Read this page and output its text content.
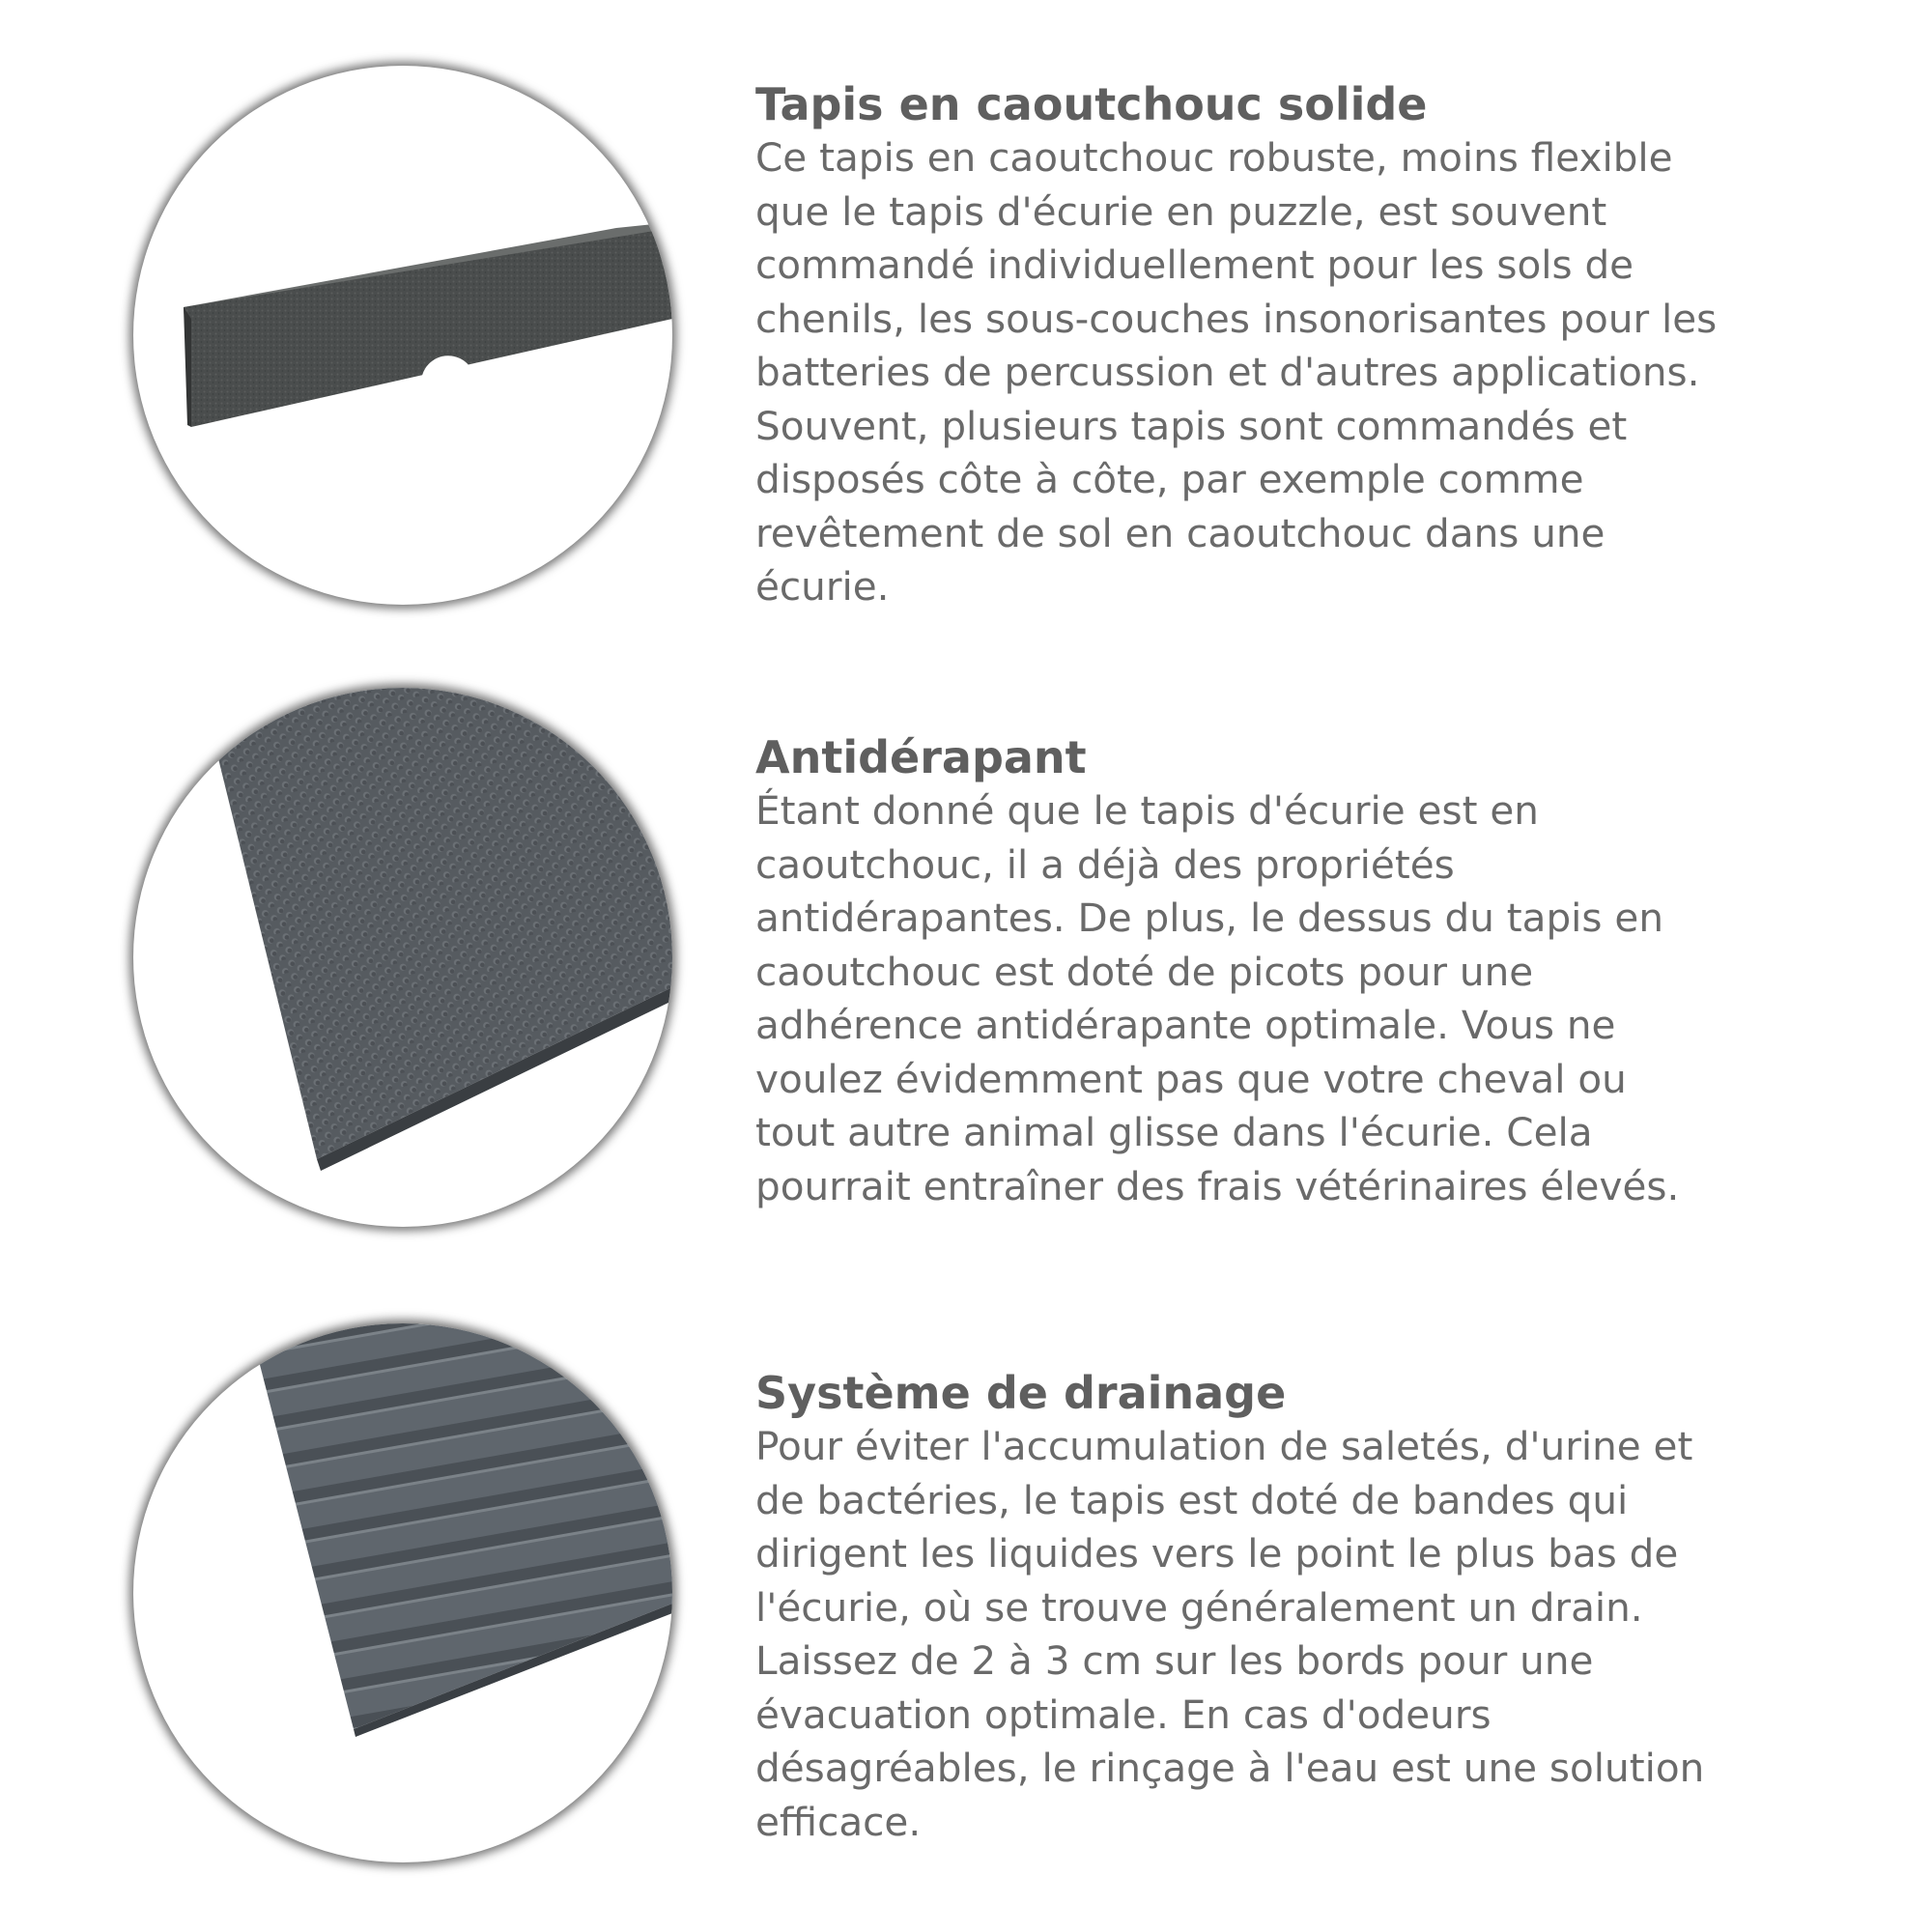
Tapis en caoutchouc solide

Ce tapis en caoutchouc robuste, moins flexible

que le tapis d'écurie en puzzle, est souvent

commandé individuellement pour les sols de

chenils, les sous-couches insonorisantes pour les

batteries de percussion et d'autres applications.

Souvent, plusieurs tapis sont commandés et

disposés côte à côte, par exemple comme

revêtement de sol en caoutchouc dans une

écurie.

Antidérapant

Étant donné que le tapis d'écurie est en

caoutchouc, il a déjà des propriétés

antidérapantes. De plus, le dessus du tapis en

caoutchouc est doté de picots pour une

adhérence antidérapante optimale. Vous ne

voulez évidemment pas que votre cheval ou

tout autre animal glisse dans l'écurie. Cela

pourrait entraîner des frais vétérinaires élevés.

Système de drainage

Pour éviter l'accumulation de saletés, d'urine et

de bactéries, le tapis est doté de bandes qui

dirigent les liquides vers le point le plus bas de

l'écurie, où se trouve généralement un drain.

Laissez de 2 à 3 cm sur les bords pour une

évacuation optimale. En cas d'odeurs

désagréables, le rinçage à l'eau est une solution

efficace.
